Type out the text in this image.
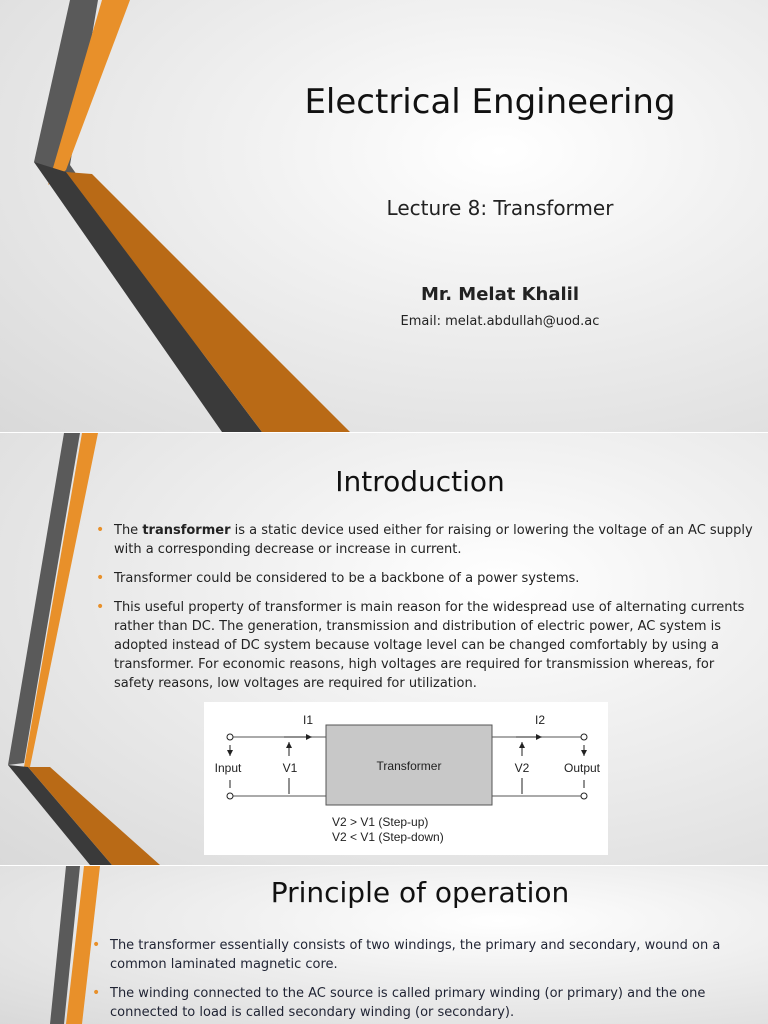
Electrical Engineering
Lecture 8: Transformer
Mr. Melat Khalil
Email: melat.abdullah@uod.ac
Introduction
• The transformer is a static device used either for raising or lowering the voltage of an AC supply with a corresponding decrease or increase in current.
• Transformer could be considered to be a backbone of a power systems.
• This useful property of transformer is main reason for the widespread use of alternating currents rather than DC. The generation, transmission and distribution of electric power, AC system is adopted instead of DC system because voltage level can be changed comfortably by using a transformer. For economic reasons, high voltages are required for transmission whereas, for safety reasons, low voltages are required for utilization.
Transformer
Input	Output
V1	V2
I1	I2
V2 > V1 (Step-up)
V2 < V1 (Step-down)
Principle of operation
• The transformer essentially consists of two windings, the primary and secondary, wound on a common laminated magnetic core.
• The winding connected to the AC source is called primary winding (or primary) and the one connected to load is called secondary winding (or secondary).
